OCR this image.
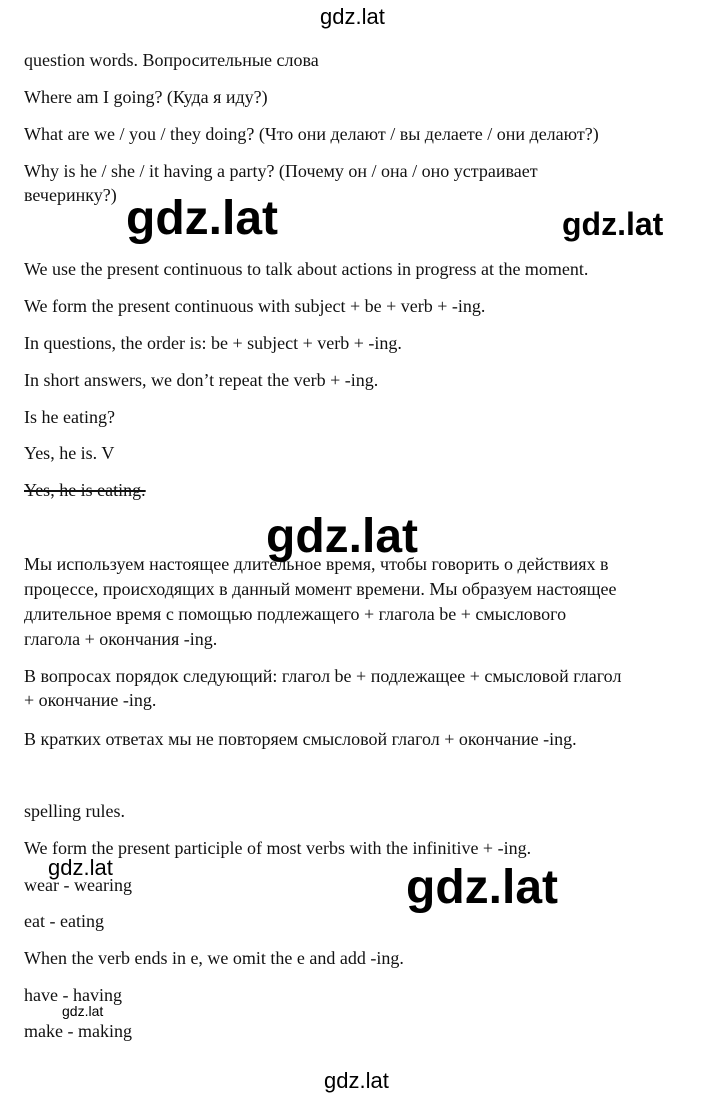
gdz.lat
gdz.lat	gdz.lat
gdz.lat
gdz.lat
gdz.lat
gdz.lat
gdz.lat
question words. Вопросительные слова
Where am I going? (Куда я иду?)
What are we / you / they doing? (Что они делают / вы делаете / они делают?)
Why is he / she / it having a party? (Почему он / она / оно устраивает
вечеринку?)
We use the present continuous to talk about actions in progress at the moment.
We form the present continuous with subject + be + verb + -ing.
In questions, the order is: be + subject + verb + -ing.
In short answers, we don’t repeat the verb + -ing.
Is he eating?
Yes, he is. V
Yes, he is eating.
Мы используем настоящее длительное время, чтобы говорить о действиях в
процессе, происходящих в данный момент времени. Мы образуем настоящее
длительное время с помощью подлежащего + глагола be + смыслового
глагола + окончания -ing.
В вопросах порядок следующий: глагол be + подлежащее + смысловой глагол
+ окончание -ing.
В кратких ответах мы не повторяем смысловой глагол + окончание -ing.
spelling rules.
We form the present participle of most verbs with the infinitive + -ing.
wear - wearing
eat - eating
When the verb ends in e, we omit the e and add -ing.
have - having
make - making
